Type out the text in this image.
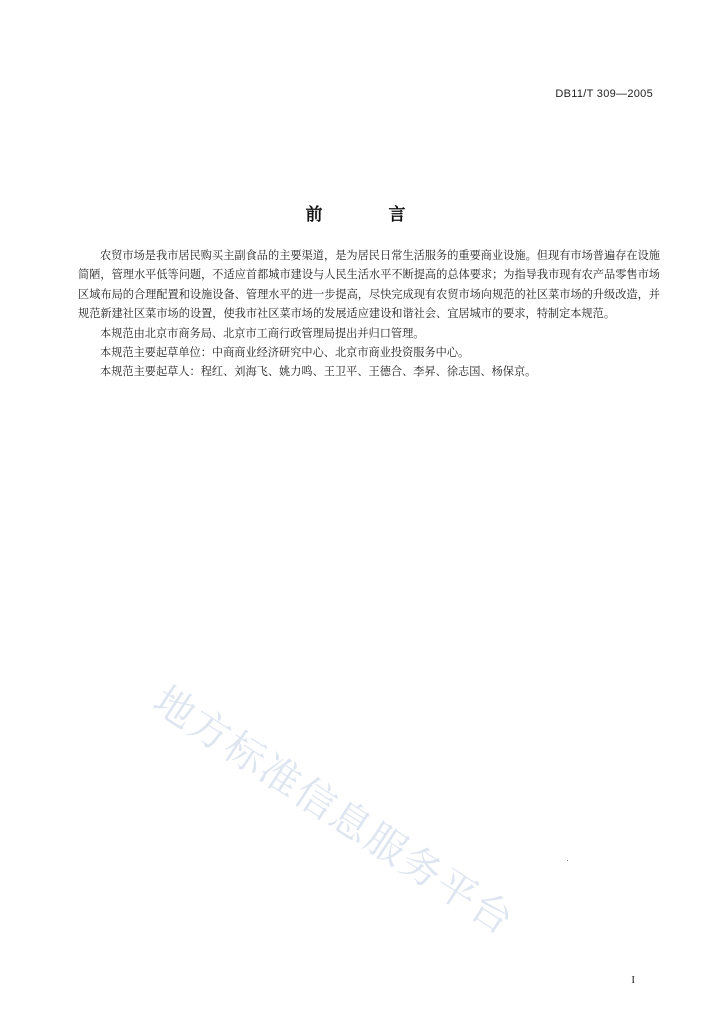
DB11/T 309—2005
前 言

农贸市场是我市居民购买主副食品的主要渠道，是为居民日常生活服务的重要商业设施。但现有市场普遍存在设施简陋，管理水平低等问题，不适应首都城市建设与人民生活水平不断提高的总体要求；为指导我市现有农产品零售市场区域布局的合理配置和设施设备、管理水平的进一步提高，尽快完成现有农贸市场向规范的社区菜市场的升级改造，并规范新建社区菜市场的设置，使我市社区菜市场的发展适应建设和谐社会、宜居城市的要求，特制定本规范。

本规范由北京市商务局、北京市工商行政管理局提出并归口管理。

本规范主要起草单位：中商商业经济研究中心、北京市商业投资服务中心。

本规范主要起草人：程红、刘海飞、姚力鸣、王卫平、王德合、李昇、徐志国、杨保京。

地方标准信息服务平台
I
